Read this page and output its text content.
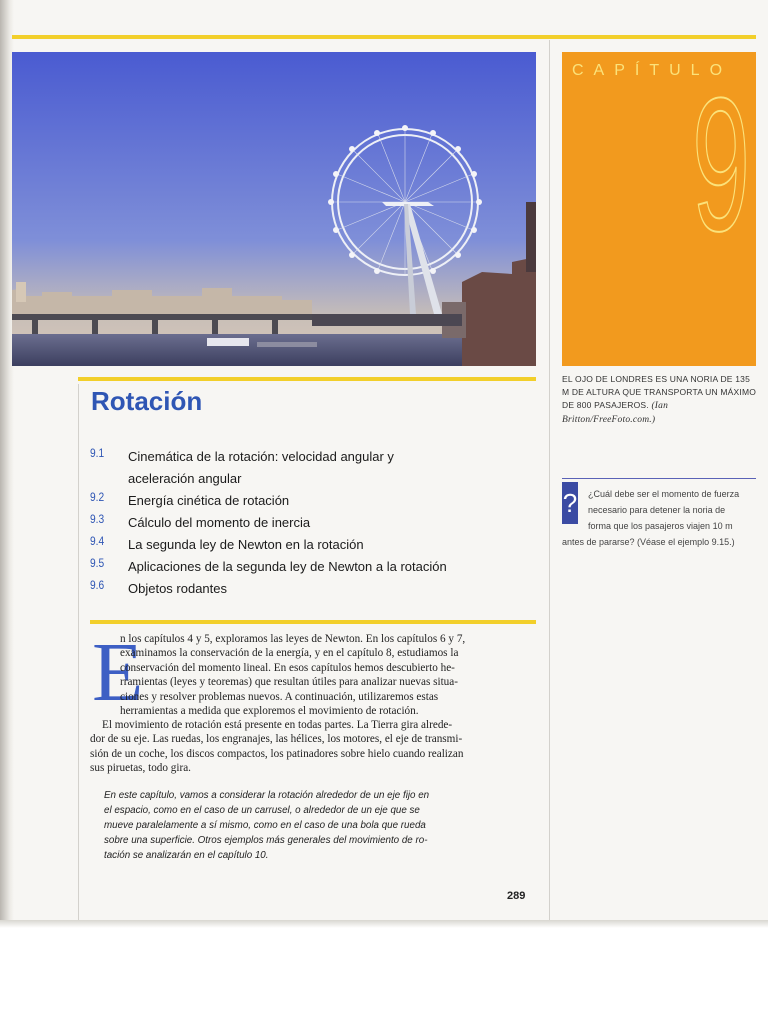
CAPÍTULO
9
EL OJO DE LONDRES ES UNA NORIA DE 135 M DE ALTURA QUE TRANSPORTA UN MÁXIMO DE 800 PASAJEROS. (Ian Britton/FreeFoto.com.)
?	¿Cuál debe ser el momento de fuerza
necesario para detener la noria de
forma que los pasajeros viajen 10 m
antes de pararse? (Véase el ejemplo 9.15.)
Rotación
9.1 Cinemática de la rotación: velocidad angular y
aceleración angular
9.2 Energía cinética de rotación
9.3 Cálculo del momento de inercia
9.4 La segunda ley de Newton en la rotación
9.5 Aplicaciones de la segunda ley de Newton a la rotación
9.6 Objetos rodantes
E
n los capítulos 4 y 5, exploramos las leyes de Newton. En los capítulos 6 y 7,
examinamos la conservación de la energía, y en el capítulo 8, estudiamos la
conservación del momento lineal. En esos capítulos hemos descubierto he-
rramientas (leyes y teoremas) que resultan útiles para analizar nuevas situa-
ciones y resolver problemas nuevos. A continuación, utilizaremos estas
herramientas a medida que exploremos el movimiento de rotación.
El movimiento de rotación está presente en todas partes. La Tierra gira alrede-
dor de su eje. Las ruedas, los engranajes, las hélices, los motores, el eje de transmi-
sión de un coche, los discos compactos, los patinadores sobre hielo cuando realizan
sus piruetas, todo gira.
En este capítulo, vamos a considerar la rotación alrededor de un eje fijo en
el espacio, como en el caso de un carrusel, o alrededor de un eje que se
mueve paralelamente a sí mismo, como en el caso de una bola que rueda
sobre una superficie. Otros ejemplos más generales del movimiento de ro-
tación se analizarán en el capítulo 10.
289
